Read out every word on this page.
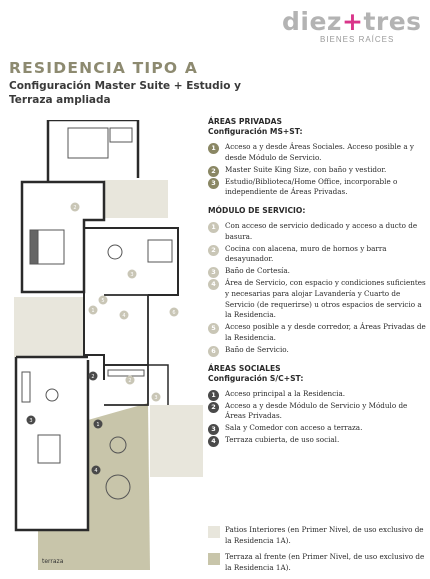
diez+tres
BIENES RAÍCES
RESIDENCIA TIPO A
Configuración Master Suite + Estudio y Terraza ampliada
terraza
2
1
3
5
4	6
2
3
2
3
1
4
ÁREAS PRIVADAS
Configuración MS+ST:
1	Acceso a y desde Áreas Sociales. Acceso posible a y desde Módulo de Servicio.
2	Master Suite King Size, con baño y vestidor.
3	Estudio/Biblioteca/Home Office, incorporable o independiente de Áreas Privadas.
MÓDULO DE SERVICIO:
1	Con acceso de servicio dedicado y acceso a ducto de basura.
2	Cocina con alacena, muro de hornos y barra desayunador.
3	Baño de Cortesía.
4	Área de Servicio, con espacio y condiciones suficientes y necesarias para alojar Lavandería y Cuarto de Servicio (de requerirse) u otros espacios de servicio a la Residencia.
5	Acceso posible a y desde corredor, a Áreas Privadas de la Residencia.
6	Baño de Servicio.
ÁREAS SOCIALES
Configuración S/C+ST:
1	Acceso principal a la Residencia.
2	Acceso a y desde Módulo de Servicio y Módulo de Áreas Privadas.
3	Sala y Comedor con acceso a terraza.
4	Terraza cubierta, de uso social.
Patios Interiores (en Primer Nivel, de uso exclusivo de la Residencia 1A).
Terraza al frente (en Primer Nivel, de uso exclusivo de la Residencia 1A).
